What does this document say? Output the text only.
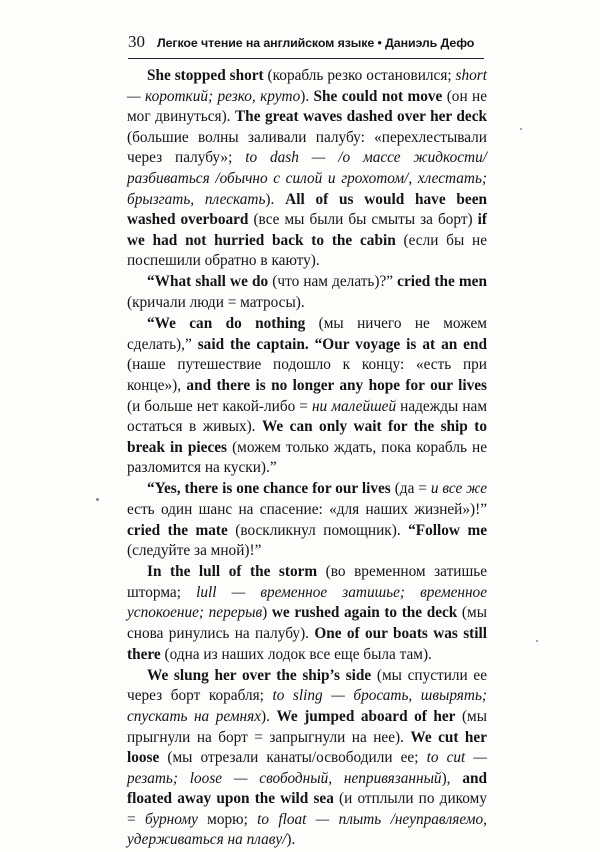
30 Легкое чтение на английском языке • Даниэль Дефо

She stopped short (корабль резко остановился; short — короткий; резко, круто). She could not move (он не мог двинуться). The great waves dashed over her deck (большие волны заливали палубу: «перехлестывали через палубу»; to dash — /о массе жидкости/ разбиваться /обычно с силой и грохотом/, хлестать; брызгать, плескать). All of us would have been washed overboard (все мы были бы смыты за борт) if we had not hurried back to the cabin (если бы не поспешили обратно в каюту).

“What shall we do (что нам делать)?” cried the men (кричали люди = матросы).

“We can do nothing (мы ничего не можем сделать),” said the captain. “Our voyage is at an end (наше путешествие подошло к концу: «есть при конце»), and there is no longer any hope for our lives (и больше нет какой-либо = ни малейшей надежды нам остаться в живых). We can only wait for the ship to break in pieces (можем только ждать, пока корабль не разломится на куски).”

“Yes, there is one chance for our lives (да = и все же есть один шанс на спасение: «для наших жизней»)!” cried the mate (воскликнул помощник). “Follow me (следуйте за мной)!”

In the lull of the storm (во временном затишье шторма; lull — временное затишье; временное успокоение; перерыв) we rushed again to the deck (мы снова ринулись на палубу). One of our boats was still there (одна из наших лодок все еще была там).

We slung her over the ship’s side (мы спустили ее через борт корабля; to sling — бросать, швырять; спускать на ремнях). We jumped aboard of her (мы прыгнули на борт = запрыгнули на нее). We cut her loose (мы отрезали канаты/освободили ее; to cut — резать; loose — свободный, непривязанный), and floated away upon the wild sea (и отплыли по дикому = бурному морю; to float — плыть /неуправляемо, удерживаться на плаву/).
